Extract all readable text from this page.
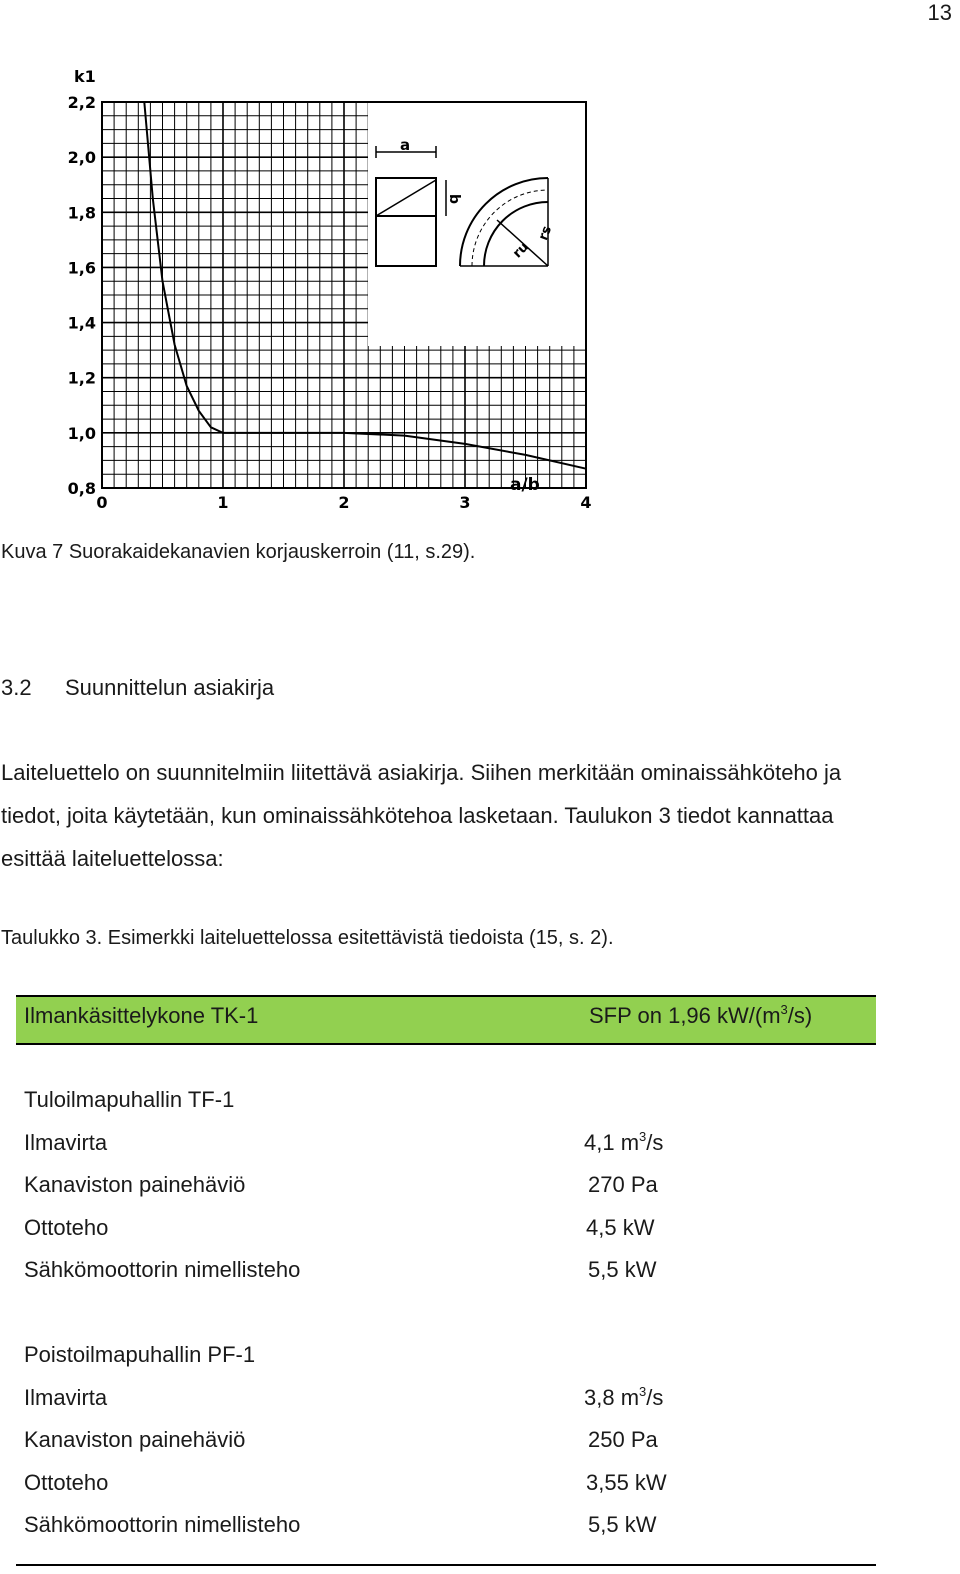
13
a
b
ru
rs
2,2
2,0
1,8
1,6
1,4
1,2
1,0
0,8
0	1	2	3	4
k1
a/b
Kuva 7 Suorakaidekanavien korjauskerroin (11, s.29).
3.2 Suunnittelun asiakirja
Laiteluettelo on suunnitelmiin liitettävä asiakirja. Siihen merkitään ominaissähköteho ja
tiedot, joita käytetään, kun ominaissähkötehoa lasketaan. Taulukon 3 tiedot kannattaa
esittää laiteluettelossa:
Taulukko 3. Esimerkki laiteluettelossa esitettävistä tiedoista (15, s. 2).
Ilmankäsittelykone TK-1	SFP on 1,96 $kW/(m^3/s)$
Tuloilmapuhallin TF-1
Ilmavirta	4,1 $m^3/s$
Kanaviston painehäviö	270 Pa
Ottoteho	4,5 kW
Sähkömoottorin nimellisteho	5,5 kW
Poistoilmapuhallin PF-1
Ilmavirta	3,8 $m^3/s$
Kanaviston painehäviö	250 Pa
Ottoteho	3,55 kW
Sähkömoottorin nimellisteho	5,5 kW
